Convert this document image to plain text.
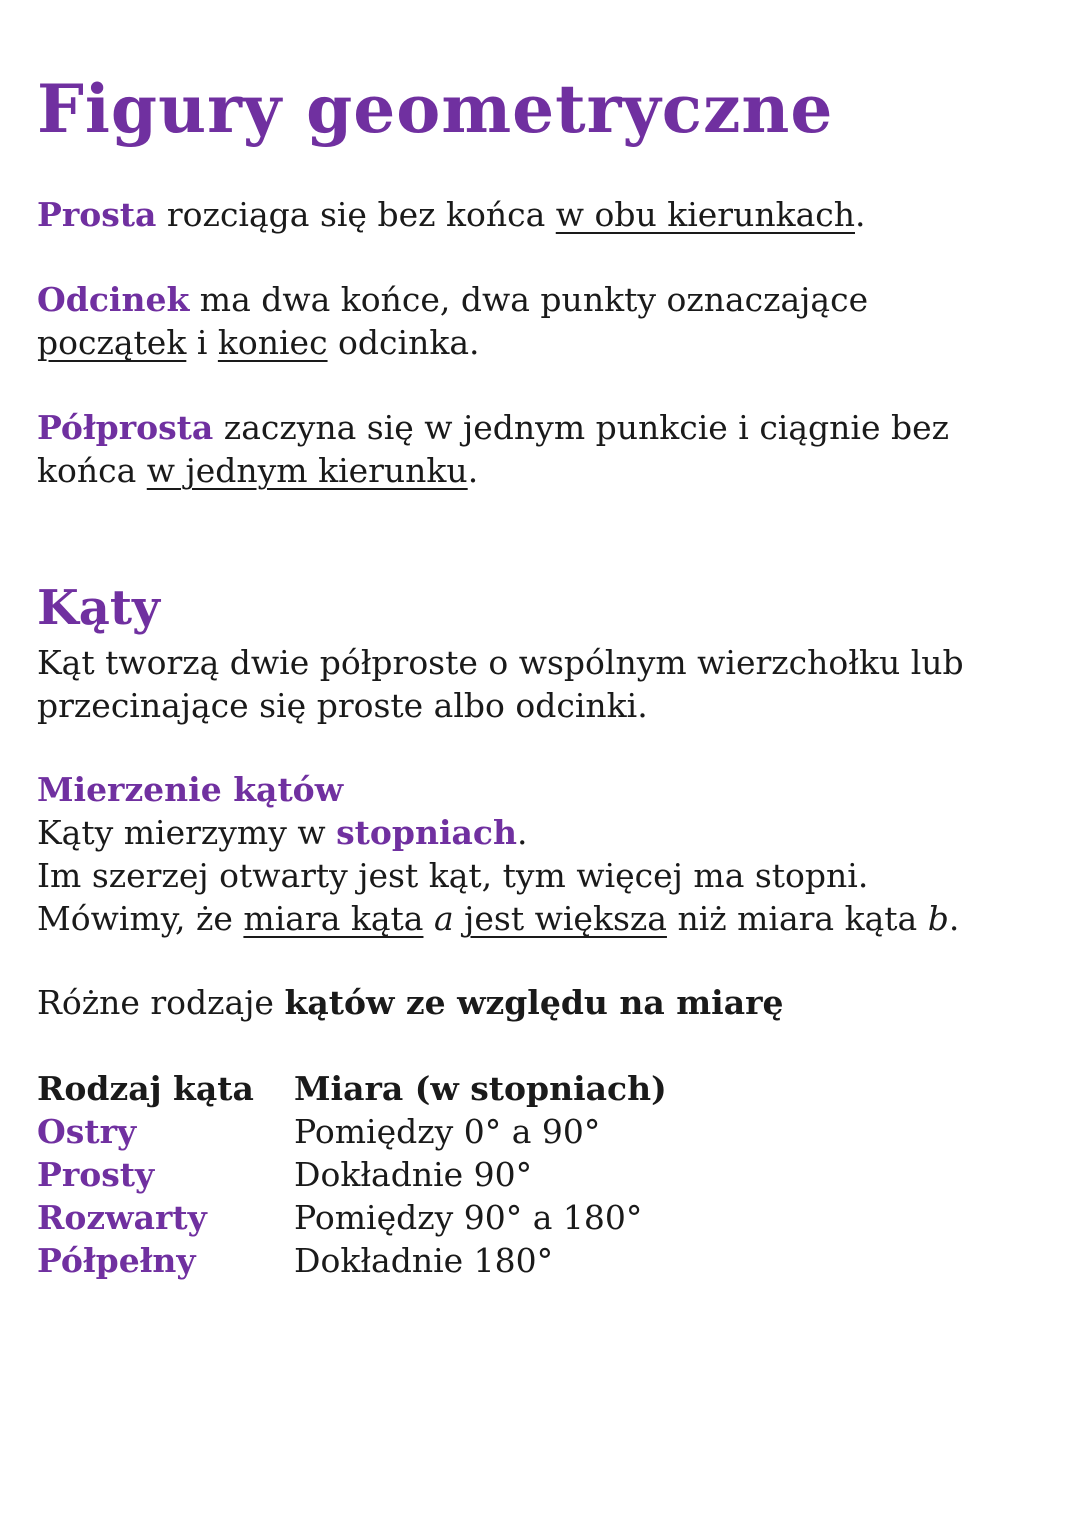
Figury geometryczne

Prosta rozciąga się bez końca w obu kierunkach.

Odcinek ma dwa końce, dwa punkty oznaczające
początek i koniec odcinka.

Półprosta zaczyna się w jednym punkcie i ciągnie bez
końca w jednym kierunku.

Kąty

Kąt tworzą dwie półproste o wspólnym wierzchołku lub
przecinające się proste albo odcinki.

Mierzenie kątów
Kąty mierzymy w stopniach.
Im szerzej otwarty jest kąt, tym więcej ma stopni.
Mówimy, że miara kąta a jest większa niż miara kąta b.

Różne rodzaje kątów ze względu na miarę

Rodzaj kąta	Miara (w stopniach)
Ostry	Pomiędzy 0° a 90°
Prosty	Dokładnie 90°
Rozwarty	Pomiędzy 90° a 180°
Półpełny	Dokładnie 180°
